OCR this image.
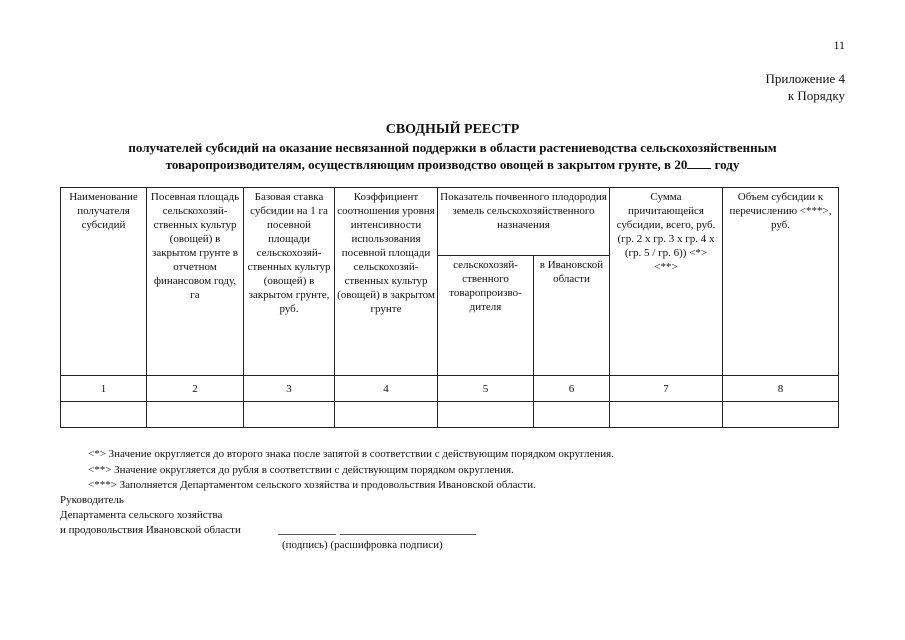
11
Приложение 4
к Порядку
СВОДНЫЙ РЕЕСТР
получателей субсидий на оказание несвязанной поддержки в области растениеводства сельскохозяйственным
товаропроизводителям, осуществляющим производство овощей в закрытом грунте, в 20 году
Наименование получателя субсидий	Посевная площадь сельскохозяй-ственных культур (овощей) в закрытом грунте в отчетном финансовом году, га	Базовая ставка субсидии на 1 га посевной площади сельскохозяй-ственных культур (овощей) в закрытом грунте, руб.	Коэффициент соотношения уровня интенсивности использования посевной площади сельскохозяй-ственных культур (овощей) в закрытом грунте	Показатель почвенного плодородия земель сельскохозяйственного назначения		Сумма причитающейся субсидии, всего, руб. (гр. 2 x гр. 3 x гр. 4 x (гр. 5 / гр. 6)) <*> <**>	Объем субсидии к перечислению <***>, руб.
				сельскохозяй-ственного товаропроизво-дителя	в Ивановской области		
1	2	3	4	5	6	7	8

<*> Значение округляется до второго знака после запятой в соответствии с действующим порядком округления.
<**> Значение округляется до рубля в соответствии с действующим порядком округления.
<***> Заполняется Департаментом сельского хозяйства и продовольствия Ивановской области.
Руководитель
Департамента сельского хозяйства
и продовольствия Ивановской области
(подпись) (расшифровка подписи)
